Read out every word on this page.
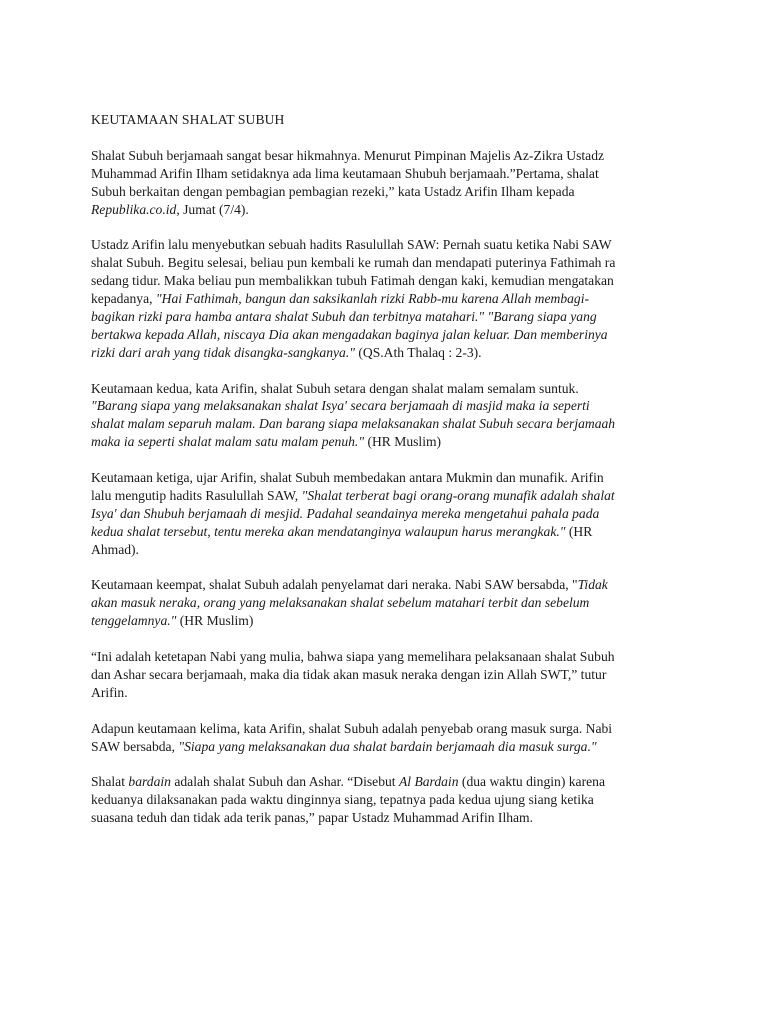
KEUTAMAAN SHALAT SUBUH

Shalat Subuh berjamaah sangat besar hikmahnya. Menurut Pimpinan Majelis Az-Zikra Ustadz
Muhammad Arifin Ilham setidaknya ada lima keutamaan Shubuh berjamaah.”Pertama, shalat
Subuh berkaitan dengan pembagian pembagian rezeki,” kata Ustadz Arifin Ilham kepada
Republika.co.id, Jumat (7/4).

Ustadz Arifin lalu menyebutkan sebuah hadits Rasulullah SAW: Pernah suatu ketika Nabi SAW
shalat Subuh. Begitu selesai, beliau pun kembali ke rumah dan mendapati puterinya Fathimah ra
sedang tidur. Maka beliau pun membalikkan tubuh Fatimah dengan kaki, kemudian mengatakan
kepadanya, "Hai Fathimah, bangun dan saksikanlah rizki Rabb-mu karena Allah membagi-
bagikan rizki para hamba antara shalat Subuh dan terbitnya matahari." "Barang siapa yang
bertakwa kepada Allah, niscaya Dia akan mengadakan baginya jalan keluar. Dan memberinya
rizki dari arah yang tidak disangka-sangkanya." (QS.Ath Thalaq : 2-3).

Keutamaan kedua, kata Arifin, shalat Subuh setara dengan shalat malam semalam suntuk.
"Barang siapa yang melaksanakan shalat Isya' secara berjamaah di masjid maka ia seperti
shalat malam separuh malam. Dan barang siapa melaksanakan shalat Subuh secara berjamaah
maka ia seperti shalat malam satu malam penuh." (HR Muslim)

Keutamaan ketiga, ujar Arifin, shalat Subuh membedakan antara Mukmin dan munafik. Arifin
lalu mengutip hadits Rasulullah SAW, "Shalat terberat bagi orang-orang munafik adalah shalat
Isya' dan Shubuh berjamaah di mesjid. Padahal seandainya mereka mengetahui pahala pada
kedua shalat tersebut, tentu mereka akan mendatanginya walaupun harus merangkak." (HR
Ahmad).

Keutamaan keempat, shalat Subuh adalah penyelamat dari neraka. Nabi SAW bersabda, "Tidak
akan masuk neraka, orang yang melaksanakan shalat sebelum matahari terbit dan sebelum
tenggelamnya." (HR Muslim)

“Ini adalah ketetapan Nabi yang mulia, bahwa siapa yang memelihara pelaksanaan shalat Subuh
dan Ashar secara berjamaah, maka dia tidak akan masuk neraka dengan izin Allah SWT,” tutur
Arifin.

Adapun keutamaan kelima, kata Arifin, shalat Subuh adalah penyebab orang masuk surga. Nabi
SAW bersabda, "Siapa yang melaksanakan dua shalat bardain berjamaah dia masuk surga."

Shalat bardain adalah shalat Subuh dan Ashar. “Disebut Al Bardain (dua waktu dingin) karena
keduanya dilaksanakan pada waktu dinginnya siang, tepatnya pada kedua ujung siang ketika
suasana teduh dan tidak ada terik panas,” papar Ustadz Muhammad Arifin Ilham.
